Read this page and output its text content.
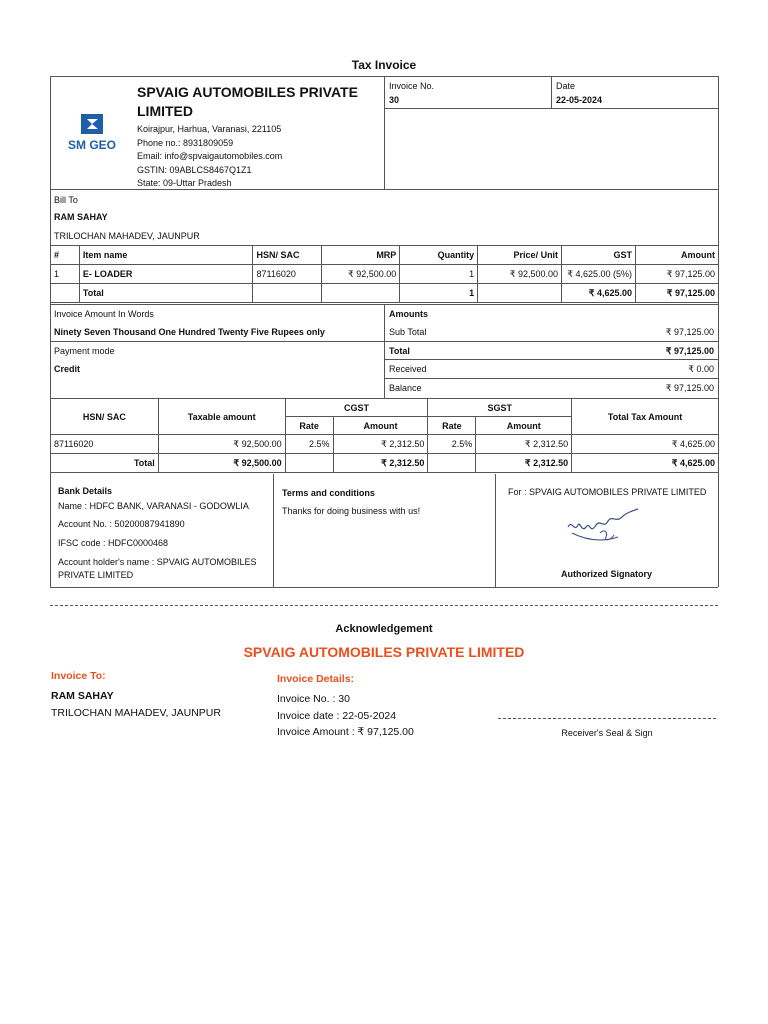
Tax Invoice
SM GEO
SPVAIG AUTOMOBILES PRIVATE LIMITED
Koirajpur, Harhua, Varanasi, 221105
Phone no.: 8931809059
Email: info@spvaigautomobiles.com
GSTIN: 09ABLCS8467Q1Z1
State: 09-Uttar Pradesh
Invoice No.
30
Date
22-05-2024
Bill To
RAM SAHAY
TRILOCHAN MAHADEV, JAUNPUR
#	Item name	HSN/ SAC	MRP	Quantity	Price/ Unit	GST	Amount
1	E- LOADER	87116020	₹ 92,500.00	1	₹ 92,500.00	₹ 4,625.00 (5%)	₹ 97,125.00
	Total			1		₹ 4,625.00	₹ 97,125.00
Invoice Amount In Words
Ninety Seven Thousand One Hundred Twenty Five Rupees only
Payment mode
Credit
Amounts
Sub Total	₹ 97,125.00
Total	₹ 97,125.00
Received	₹ 0.00
Balance	₹ 97,125.00
HSN/ SAC	Taxable amount	CGST		SGST		Total Tax Amount
		Rate	Amount	Rate	Amount	
87116020	₹ 92,500.00	2.5%	₹ 2,312.50	2.5%	₹ 2,312.50	₹ 4,625.00
Total	₹ 92,500.00		₹ 2,312.50		₹ 2,312.50	₹ 4,625.00
Bank Details
Name : HDFC BANK, VARANASI - GODOWLIA
Account No. : 50200087941890
IFSC code : HDFC0000468
Account holder's name : SPVAIG AUTOMOBILES PRIVATE LIMITED
Terms and conditions
Thanks for doing business with us!
For : SPVAIG AUTOMOBILES PRIVATE LIMITED
Authorized Signatory
Acknowledgement
SPVAIG AUTOMOBILES PRIVATE LIMITED
Invoice To:
RAM SAHAY
TRILOCHAN MAHADEV, JAUNPUR
Invoice Details:
Invoice No. : 30
Invoice date : 22-05-2024
Invoice Amount : ₹ 97,125.00	Receiver's Seal & Sign
